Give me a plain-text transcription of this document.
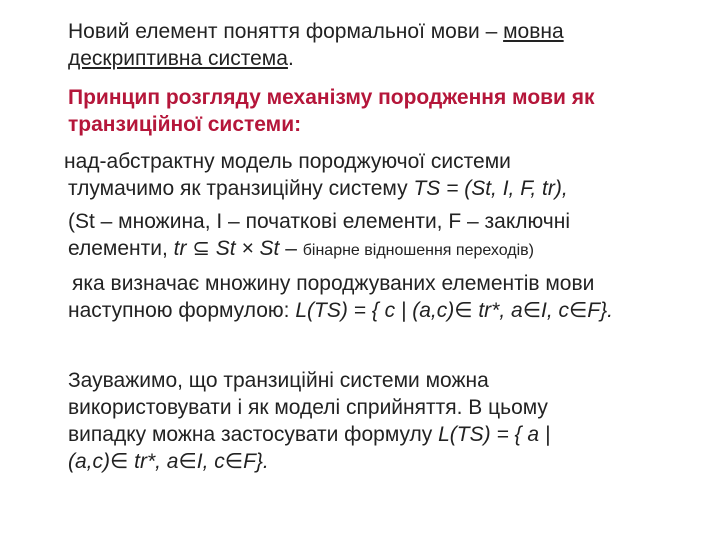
Новий елемент поняття формальної мови – мовна

дескриптивна система.

Принцип розгляду механізму породження мови як

транзиційної системи:

над-абстрактну модель породжуючої системи

тлумачимо як транзиційну систему TS = (St, I, F, tr),

(St – множина, I – початкові елементи, F – заключні

елементи, tr ⊆ St × St – бінарне відношення переходів)

яка визначає множину породжуваних елементів мови

наступною формулою: L(TS) = { c | (a,c)∈ tr*, a∈I, c∈F}.

Зауважимо, що транзиційні системи можна

використовувати і як моделі сприйняття. В цьому

випадку можна застосувати формулу L(TS) = { a |

(a,c)∈ tr*, a∈I, c∈F}.
